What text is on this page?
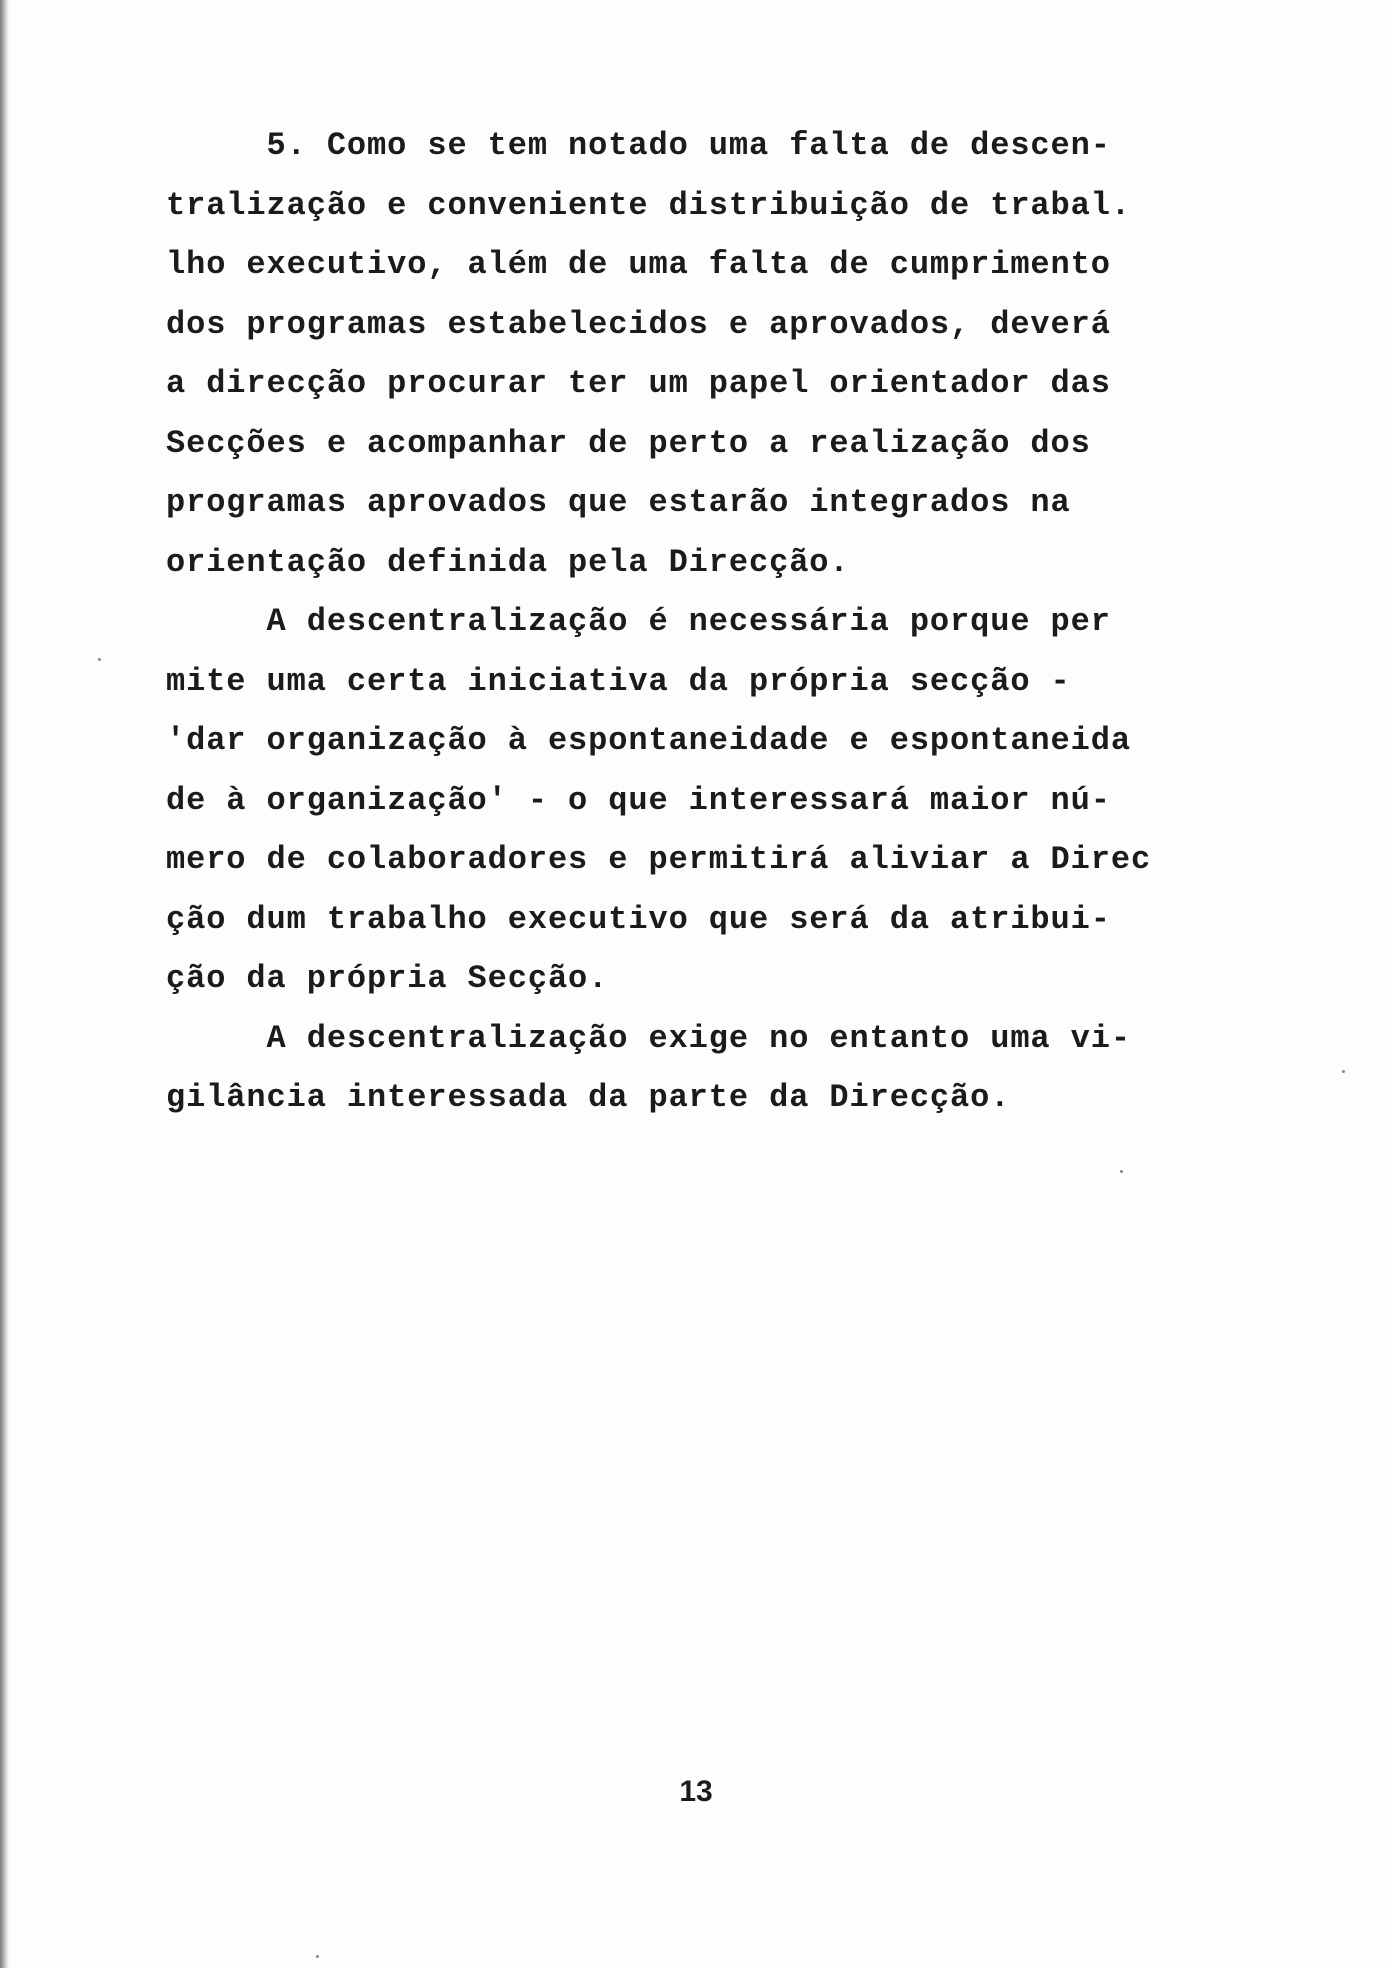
5. Como se tem notado uma falta de descen-
tralização e conveniente distribuição de trabal.
lho executivo, além de uma falta de cumprimento
dos programas estabelecidos e aprovados, deverá
a direcção procurar ter um papel orientador das
Secções e acompanhar de perto a realização dos
programas aprovados que estarão integrados na
orientação definida pela Direcção.
A descentralização é necessária porque per
mite uma certa iniciativa da própria secção -
'dar organização à espontaneidade e espontaneida
de à organização' - o que interessará maior nú-
mero de colaboradores e permitirá aliviar a Direc
ção dum trabalho executivo que será da atribui-
ção da própria Secção.
A descentralização exige no entanto uma vi-
gilância interessada da parte da Direcção.
13
